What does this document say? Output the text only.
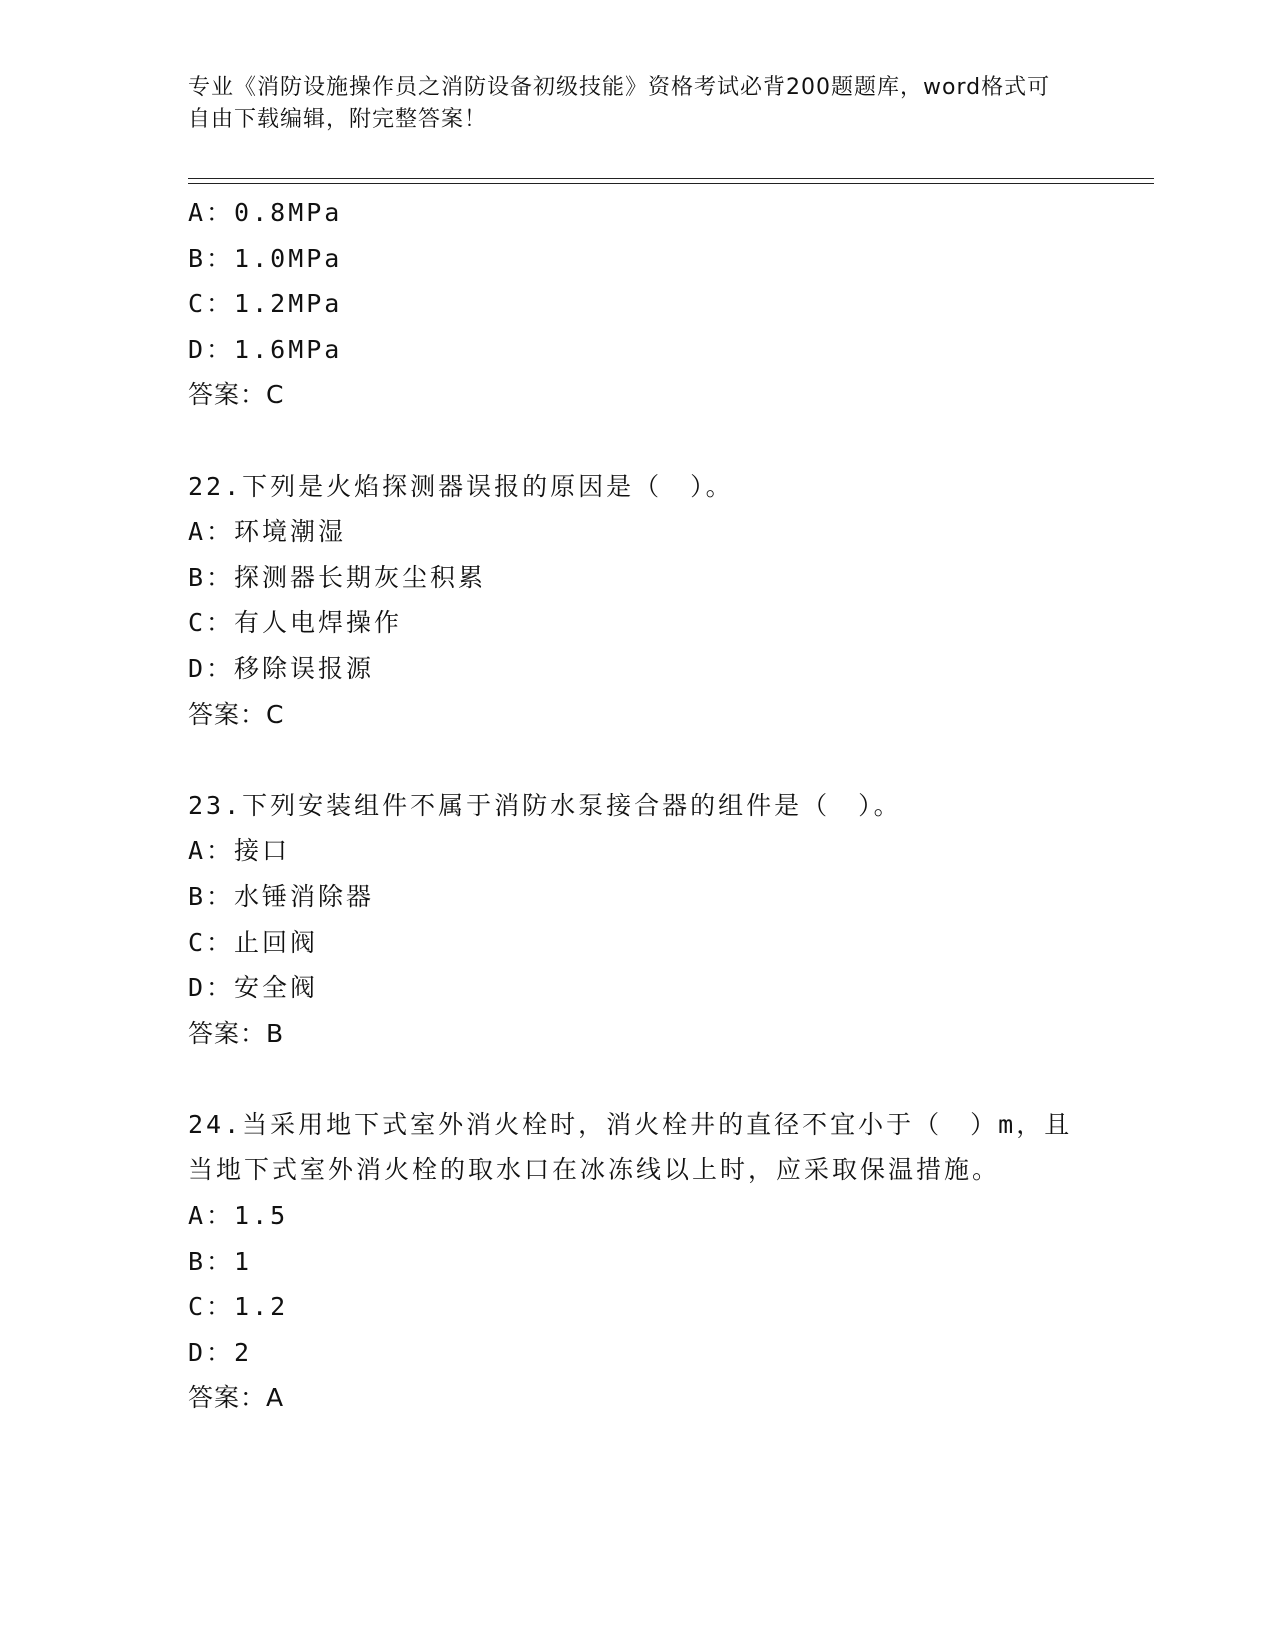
专业《消防设施操作员之消防设备初级技能》资格考试必背200题题库，word格式可自由下载编辑，附完整答案！
A：0.8MPa
B：1.0MPa
C：1.2MPa
D：1.6MPa
答案：C
22.下列是火焰探测器误报的原因是（　）。
A：环境潮湿
B：探测器长期灰尘积累
C：有人电焊操作
D：移除误报源
答案：C
23.下列安装组件不属于消防水泵接合器的组件是（　）。
A：接口
B：水锤消除器
C：止回阀
D：安全阀
答案：B
24.当采用地下式室外消火栓时，消火栓井的直径不宜小于（　）m，且当地下式室外消火栓的取水口在冰冻线以上时，应采取保温措施。
A：1.5
B：1
C：1.2
D：2
答案：A
